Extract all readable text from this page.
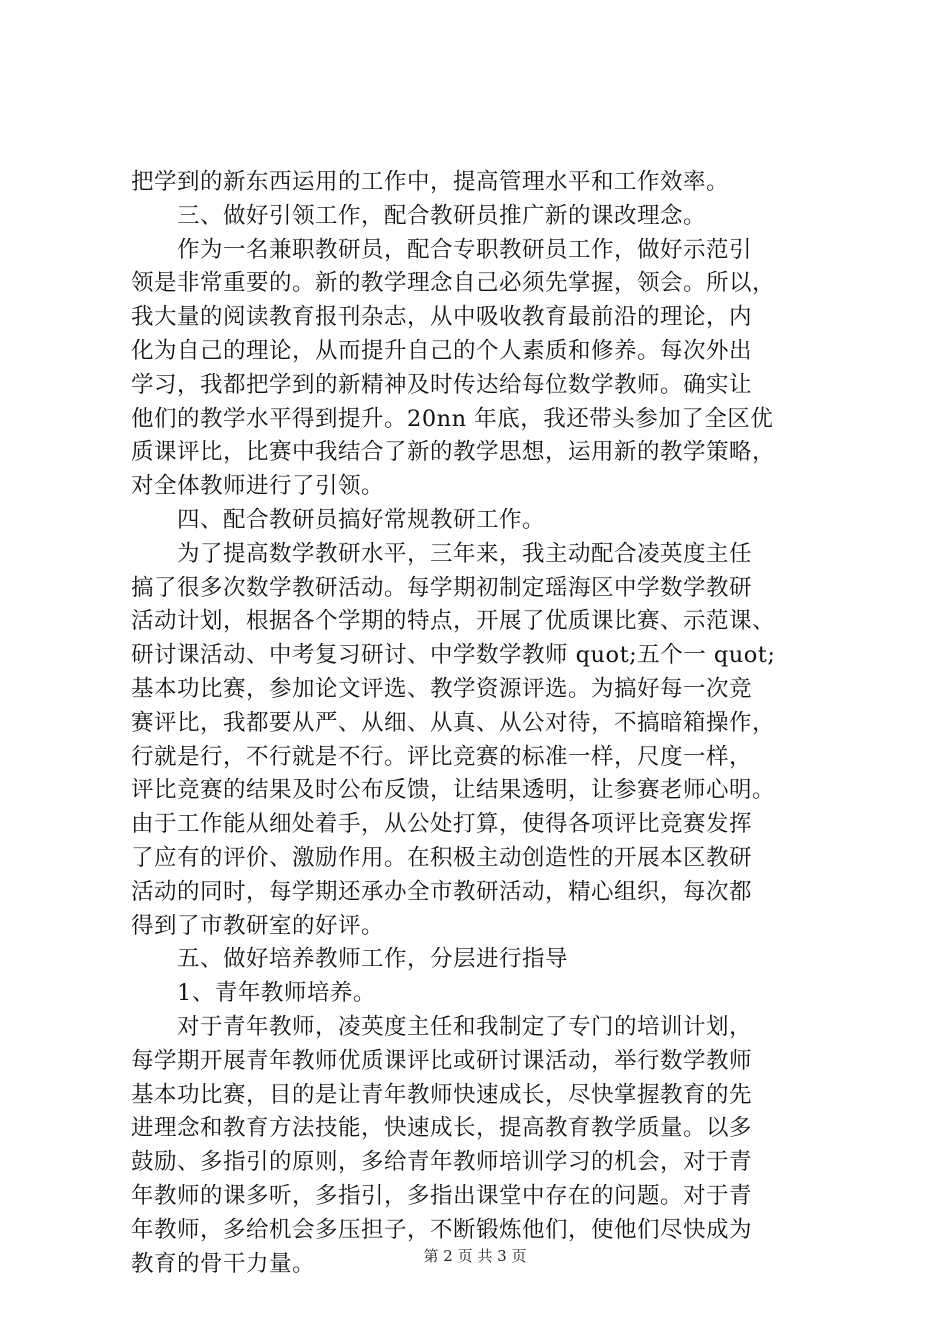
把学到的新东西运用的工作中，提高管理水平和工作效率。
　　三、做好引领工作，配合教研员推广新的课改理念。
　　作为一名兼职教研员，配合专职教研员工作，做好示范引
领是非常重要的。新的教学理念自己必须先掌握，领会。所以，
我大量的阅读教育报刊杂志，从中吸收教育最前沿的理论，内
化为自己的理论，从而提升自己的个人素质和修养。每次外出
学习，我都把学到的新精神及时传达给每位数学教师。确实让
他们的教学水平得到提升。20nn 年底，我还带头参加了全区优
质课评比，比赛中我结合了新的教学思想，运用新的教学策略，
对全体教师进行了引领。
　　四、配合教研员搞好常规教研工作。
　　为了提高数学教研水平，三年来，我主动配合凌英度主任
搞了很多次数学教研活动。每学期初制定瑶海区中学数学教研
活动计划，根据各个学期的特点，开展了优质课比赛、示范课、
研讨课活动、中考复习研讨、中学数学教师 quot;五个一 quot;
基本功比赛，参加论文评选、教学资源评选。为搞好每一次竞
赛评比，我都要从严、从细、从真、从公对待，不搞暗箱操作，
行就是行，不行就是不行。评比竞赛的标准一样，尺度一样，
评比竞赛的结果及时公布反馈，让结果透明，让参赛老师心明。
由于工作能从细处着手，从公处打算，使得各项评比竞赛发挥
了应有的评价、激励作用。在积极主动创造性的开展本区教研
活动的同时，每学期还承办全市教研活动，精心组织，每次都
得到了市教研室的好评。
　　五、做好培养教师工作，分层进行指导
　　1、青年教师培养。
　　对于青年教师，凌英度主任和我制定了专门的培训计划，
每学期开展青年教师优质课评比或研讨课活动，举行数学教师
基本功比赛，目的是让青年教师快速成长，尽快掌握教育的先
进理念和教育方法技能，快速成长，提高教育教学质量。以多
鼓励、多指引的原则，多给青年教师培训学习的机会，对于青
年教师的课多听，多指引，多指出课堂中存在的问题。对于青
年教师，多给机会多压担子，不断锻炼他们，使他们尽快成为
教育的骨干力量。	第 2 页 共 3 页
